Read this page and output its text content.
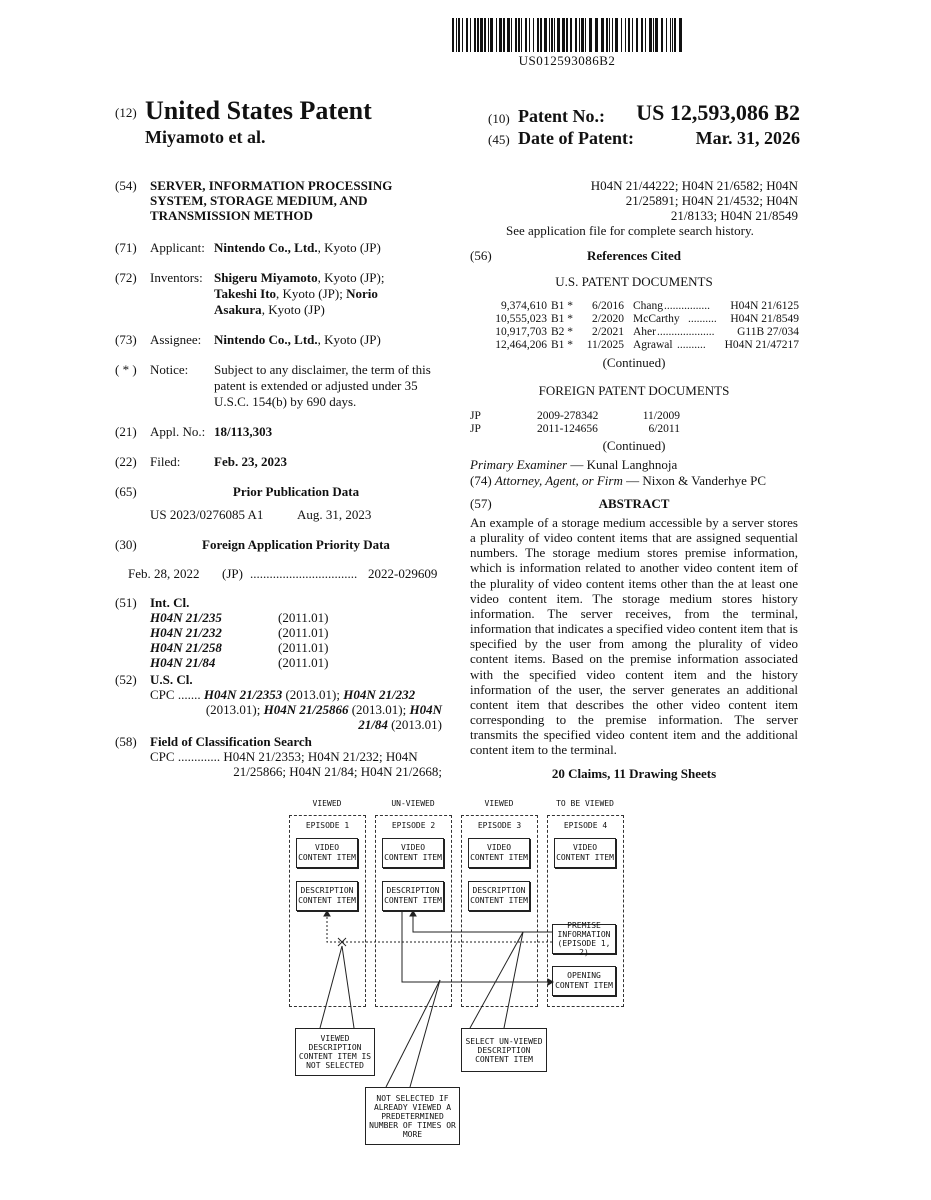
US012593086B2
(12) United States Patent
Miyamoto et al.
(10) Patent No.:	US 12,593,086 B2
(45) Date of Patent:	Mar. 31, 2026
(54) SERVER, INFORMATION PROCESSING
SYSTEM, STORAGE MEDIUM, AND
TRANSMISSION METHOD
(71) Applicant: Nintendo Co., Ltd., Kyoto (JP)
(72) Inventors: Shigeru Miyamoto, Kyoto (JP);
Takeshi Ito, Kyoto (JP); Norio
Asakura, Kyoto (JP)
(73) Assignee: Nintendo Co., Ltd., Kyoto (JP)
( * ) Notice: Subject to any disclaimer, the term of this
patent is extended or adjusted under 35
U.S.C. 154(b) by 690 days.
(21) Appl. No.: 18/113,303
(22) Filed:	Feb. 23, 2023
(65)	Prior Publication Data
US 2023/0276085 A1	Aug. 31, 2023
(30)	Foreign Application Priority Data
Feb. 28, 2022 (JP) ................................. 2022-029609
(51) Int. Cl.
H04N 21/235	(2011.01)
H04N 21/232	(2011.01)
H04N 21/258	(2011.01)
H04N 21/84	(2011.01)
(52) U.S. Cl.
CPC ....... H04N 21/2353 (2013.01); H04N 21/232
(2013.01); H04N 21/25866 (2013.01); H04N
21/84 (2013.01)
(58) Field of Classification Search
CPC ............. H04N 21/2353; H04N 21/232; H04N
21/25866; H04N 21/84; H04N 21/2668;
H04N 21/44222; H04N 21/6582; H04N
21/25891; H04N 21/4532; H04N
21/8133; H04N 21/8549
See application file for complete search history.
(56)	References Cited
U.S. PATENT DOCUMENTS
9,374,610 B1 *	6/2016 Chang ................	H04N 21/6125
10,555,023 B1 *	2/2020 McCarthy ..........	H04N 21/8549
10,917,703 B2 *	2/2021 Aher ....................	G11B 27/034
12,464,206 B1 *	11/2025 Agrawal ..........	H04N 21/47217
(Continued)
FOREIGN PATENT DOCUMENTS
JP	2009-278342	11/2009
JP	2011-124656	6/2011
(Continued)
Primary Examiner — Kunal Langhnoja
(74) Attorney, Agent, or Firm — Nixon & Vanderhye PC
(57)	ABSTRACT
An example of a storage medium accessible by a server stores a plurality of video content items that are assigned sequential numbers. The storage medium stores premise information, which is information related to another video content item of the plurality of video content items other than the at least one video content item. The storage medium stores history information. The server receives, from the terminal, information that indicates a specified video content item that is specified by the user from among the plurality of video content items. Based on the premise information associated with the specified video content item and the history information of the user, the server generates an additional content item that describes the other video content item corresponding to the premise information. The server transmits the specified video content item and the additional content item to the terminal.
20 Claims, 11 Drawing Sheets
VIEWED	UN-VIEWED	VIEWED	TO BE VIEWED
EPISODE 1	EPISODE 2	EPISODE 3	EPISODE 4
VIDEO
CONTENT ITEM
VIDEO
CONTENT ITEM
VIDEO
CONTENT ITEM
VIDEO
CONTENT ITEM
DESCRIPTION
CONTENT ITEM
DESCRIPTION
CONTENT ITEM
DESCRIPTION
CONTENT ITEM
PREMISE
INFORMATION
(EPISODE 1, 2)
OPENING
CONTENT ITEM
VIEWED
DESCRIPTION
CONTENT ITEM IS
NOT SELECTED
SELECT UN-VIEWED
DESCRIPTION
CONTENT ITEM
NOT SELECTED IF
ALREADY VIEWED A
PREDETERMINED
NUMBER OF TIMES OR
MORE
